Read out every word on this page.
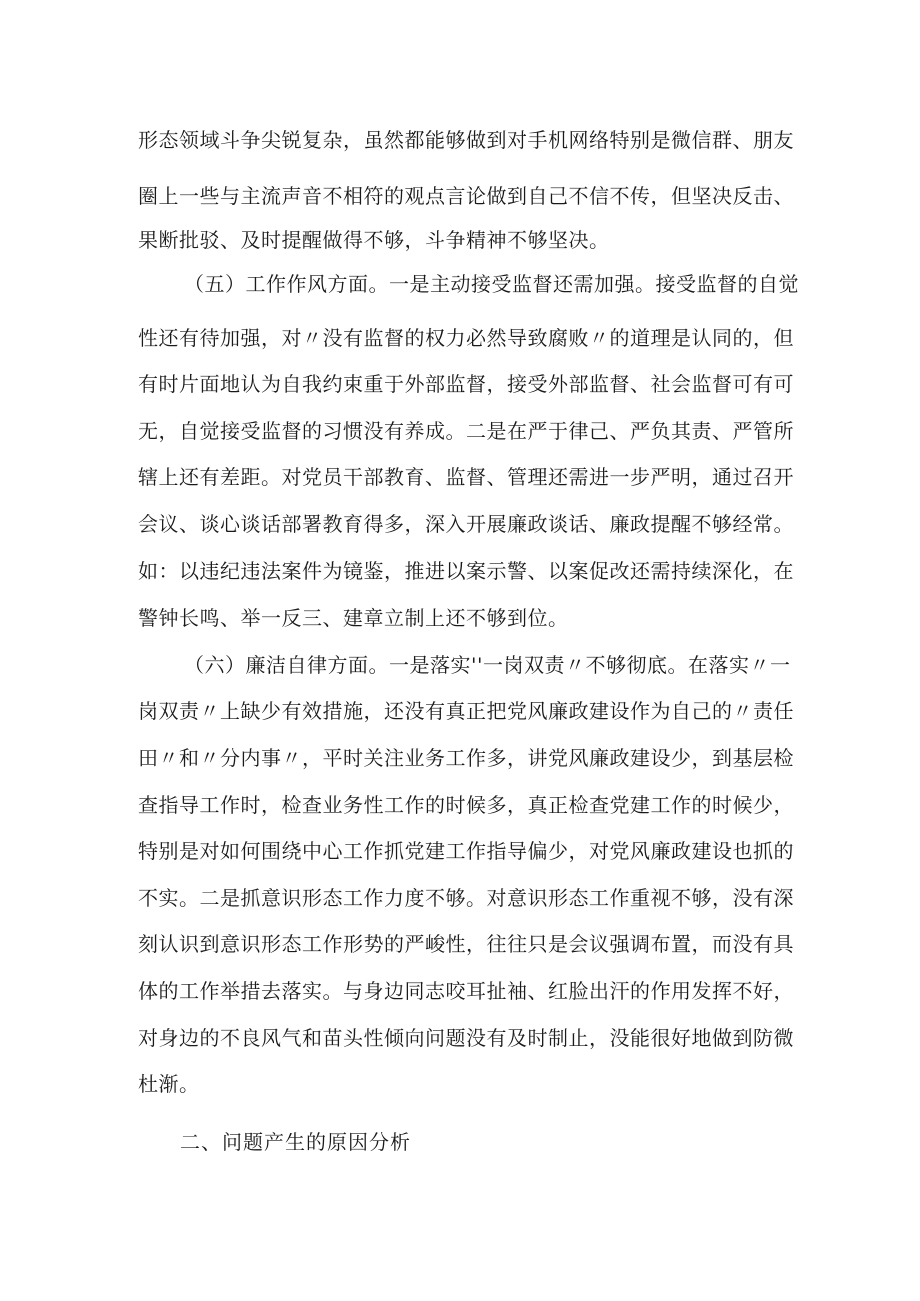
形态领域斗争尖锐复杂，虽然都能够做到对手机网络特别是微信群、朋友
圈上一些与主流声音不相符的观点言论做到自己不信不传，但坚决反击、
果断批驳、及时提醒做得不够，斗争精神不够坚决。
（五）工作作风方面。一是主动接受监督还需加强。接受监督的自觉
性还有待加强，对〃没有监督的权力必然导致腐败〃的道理是认同的，但
有时片面地认为自我约束重于外部监督，接受外部监督、社会监督可有可
无，自觉接受监督的习惯没有养成。二是在严于律己、严负其责、严管所
辖上还有差距。对党员干部教育、监督、管理还需进一步严明，通过召开
会议、谈心谈话部署教育得多，深入开展廉政谈话、廉政提醒不够经常。
如：以违纪违法案件为镜鉴，推进以案示警、以案促改还需持续深化，在
警钟长鸣、举一反三、建章立制上还不够到位。
（六）廉洁自律方面。一是落实''一岗双责〃不够彻底。在落实〃一
岗双责〃上缺少有效措施，还没有真正把党风廉政建设作为自己的〃责任
田〃和〃分内事〃，平时关注业务工作多，讲党风廉政建设少，到基层检
查指导工作时，检查业务性工作的时候多，真正检查党建工作的时候少，
特别是对如何围绕中心工作抓党建工作指导偏少，对党风廉政建设也抓的
不实。二是抓意识形态工作力度不够。对意识形态工作重视不够，没有深
刻认识到意识形态工作形势的严峻性，往往只是会议强调布置，而没有具
体的工作举措去落实。与身边同志咬耳扯袖、红脸出汗的作用发挥不好，
对身边的不良风气和苗头性倾向问题没有及时制止，没能很好地做到防微
杜渐。
二、问题产生的原因分析
